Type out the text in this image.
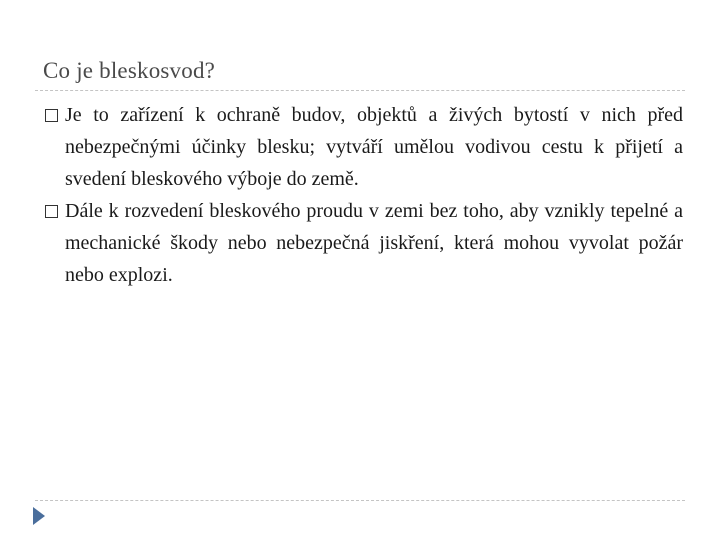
Co je bleskosvod?
Je to zařízení k ochraně budov, objektů a živých bytostí v nich před nebezpečnými účinky blesku; vytváří umělou vodivou cestu k přijetí a svedení bleskového výboje do země.
Dále k rozvedení bleskového proudu v zemi bez toho, aby vznikly tepelné a mechanické škody nebo nebezpečná jiskření, která mohou vyvolat požár nebo explozi.
